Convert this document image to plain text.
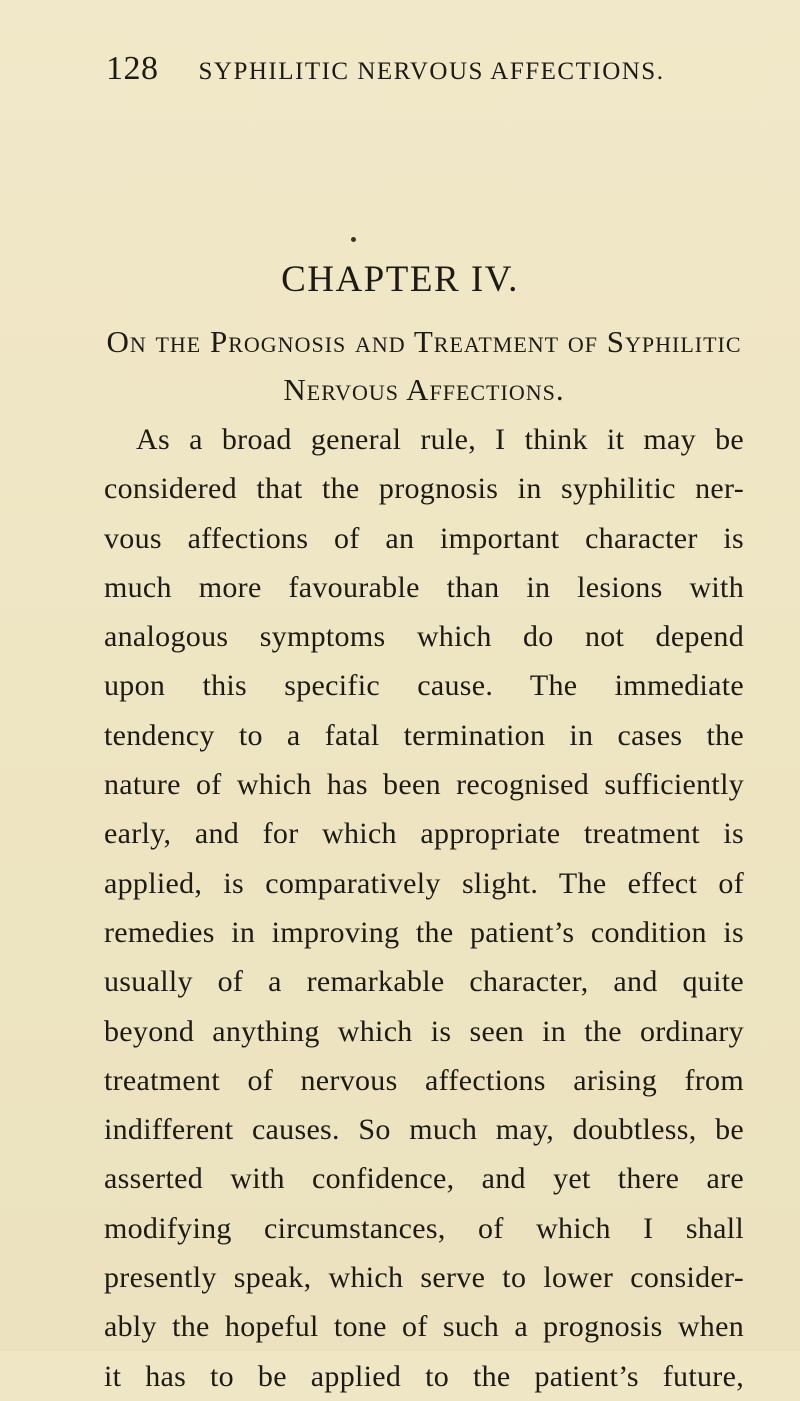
128	SYPHILITIC NERVOUS AFFECTIONS.
CHAPTER IV.
On the Prognosis and Treatment of Syphilitic
Nervous Affections.
As a broad general rule, I think it may be
considered that the prognosis in syphilitic ner-
vous affections of an important character is
much more favourable than in lesions with
analogous symptoms which do not depend
upon this specific cause. The immediate
tendency to a fatal termination in cases the
nature of which has been recognised sufficiently
early, and for which appropriate treatment is
applied, is comparatively slight. The effect of
remedies in improving the patient’s condition is
usually of a remarkable character, and quite
beyond anything which is seen in the ordinary
treatment of nervous affections arising from
indifferent causes. So much may, doubtless, be
asserted with confidence, and yet there are
modifying circumstances, of which I shall
presently speak, which serve to lower consider-
ably the hopeful tone of such a prognosis when
it has to be applied to the patient’s future,
